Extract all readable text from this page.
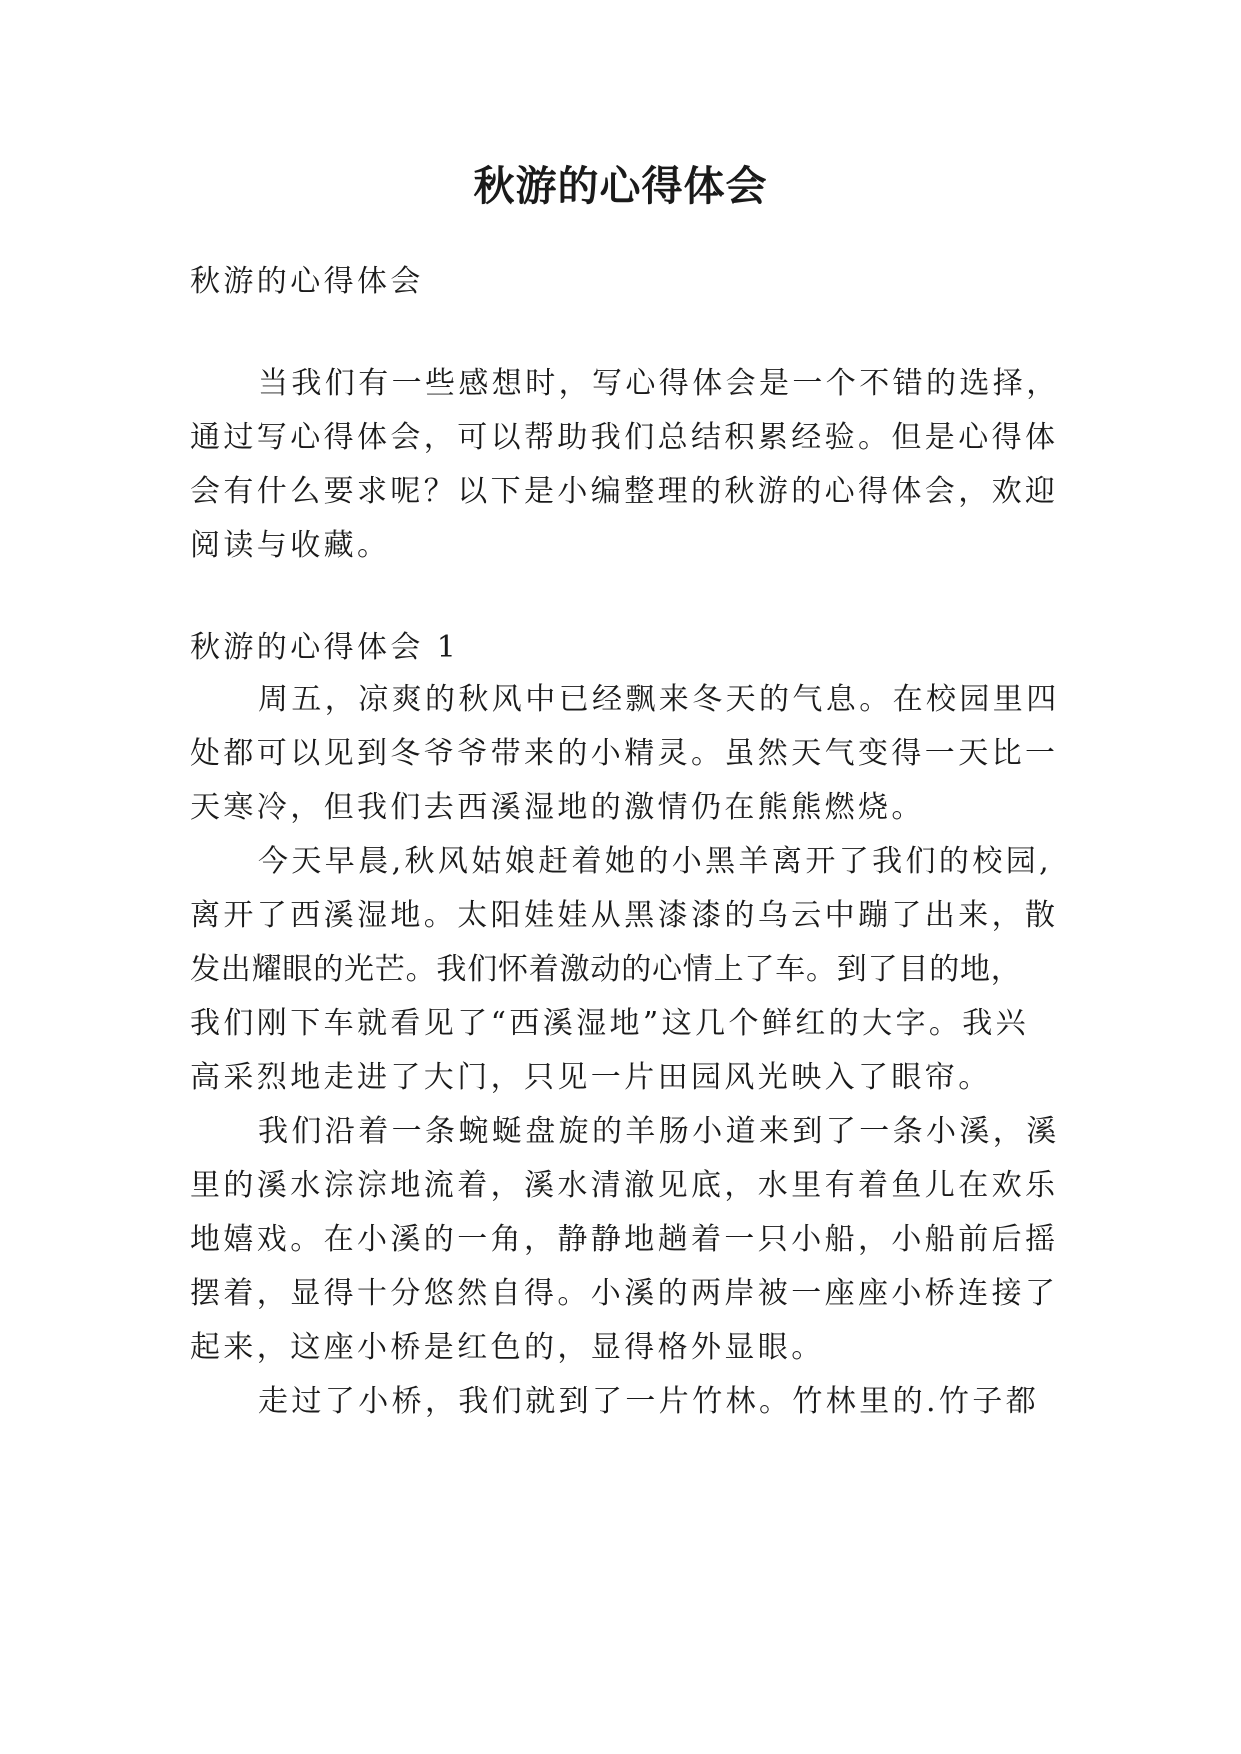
秋游的心得体会
秋游的心得体会
当我们有一些感想时，写心得体会是一个不错的选择，
通过写心得体会，可以帮助我们总结积累经验。但是心得体
会有什么要求呢？以下是小编整理的秋游的心得体会，欢迎
阅读与收藏。
秋游的心得体会 1
周五，凉爽的秋风中已经飘来冬天的气息。在校园里四
处都可以见到冬爷爷带来的小精灵。虽然天气变得一天比一
天寒冷，但我们去西溪湿地的激情仍在熊熊燃烧。
今天早晨,秋风姑娘赶着她的小黑羊离开了我们的校园,
离开了西溪湿地。太阳娃娃从黑漆漆的乌云中蹦了出来，散
发出耀眼的光芒。我们怀着激动的心情上了车。到了目的地，
我们刚下车就看见了“西溪湿地”这几个鲜红的大字。我兴
高采烈地走进了大门，只见一片田园风光映入了眼帘。
我们沿着一条蜿蜒盘旋的羊肠小道来到了一条小溪，溪
里的溪水淙淙地流着，溪水清澈见底，水里有着鱼儿在欢乐
地嬉戏。在小溪的一角，静静地趟着一只小船，小船前后摇
摆着，显得十分悠然自得。小溪的两岸被一座座小桥连接了
起来，这座小桥是红色的，显得格外显眼。
走过了小桥，我们就到了一片竹林。竹林里的.竹子都
